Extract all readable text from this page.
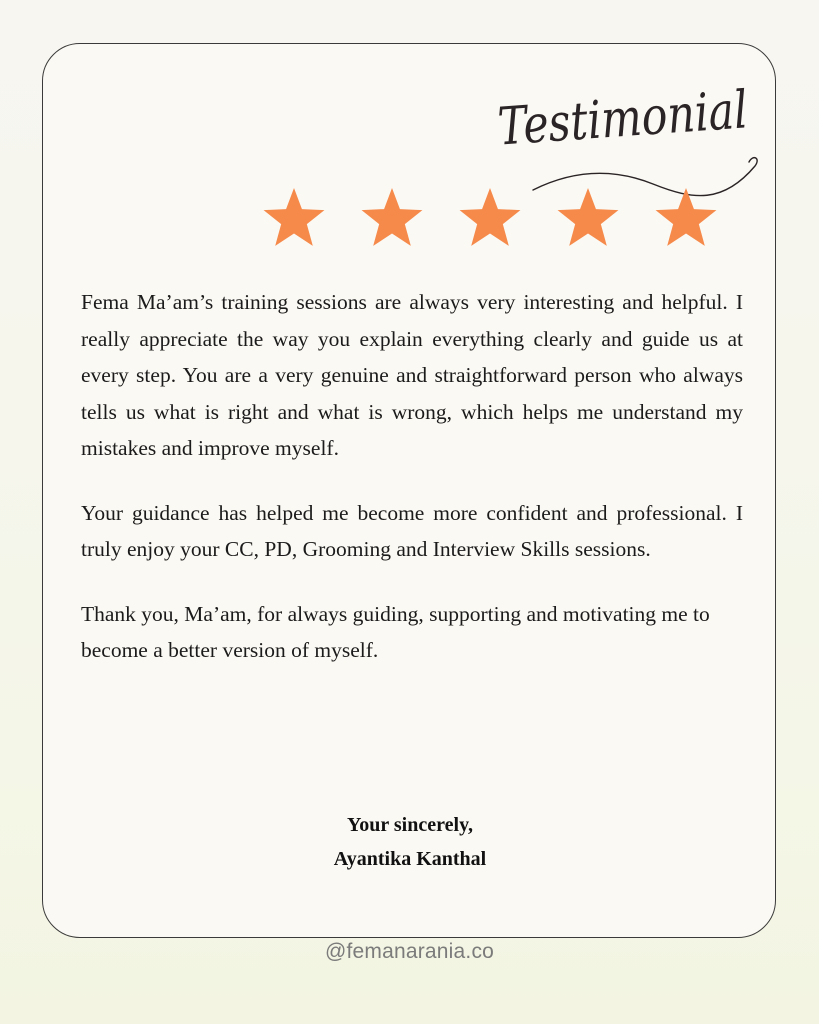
Testimonial

Fema Ma’am’s training sessions are always very interesting and helpful. I really appreciate the way you explain everything clearly and guide us at every step. You are a very genuine and straightforward person who always tells us what is right and what is wrong, which helps me understand my mistakes and improve myself.

Your guidance has helped me become more confident and professional. I truly enjoy your CC, PD, Grooming and Interview Skills sessions.

Thank you, Ma’am, for always guiding, supporting and motivating me to become a better version of myself.

Your sincerely,
Ayantika Kanthal
@femanarania.co
